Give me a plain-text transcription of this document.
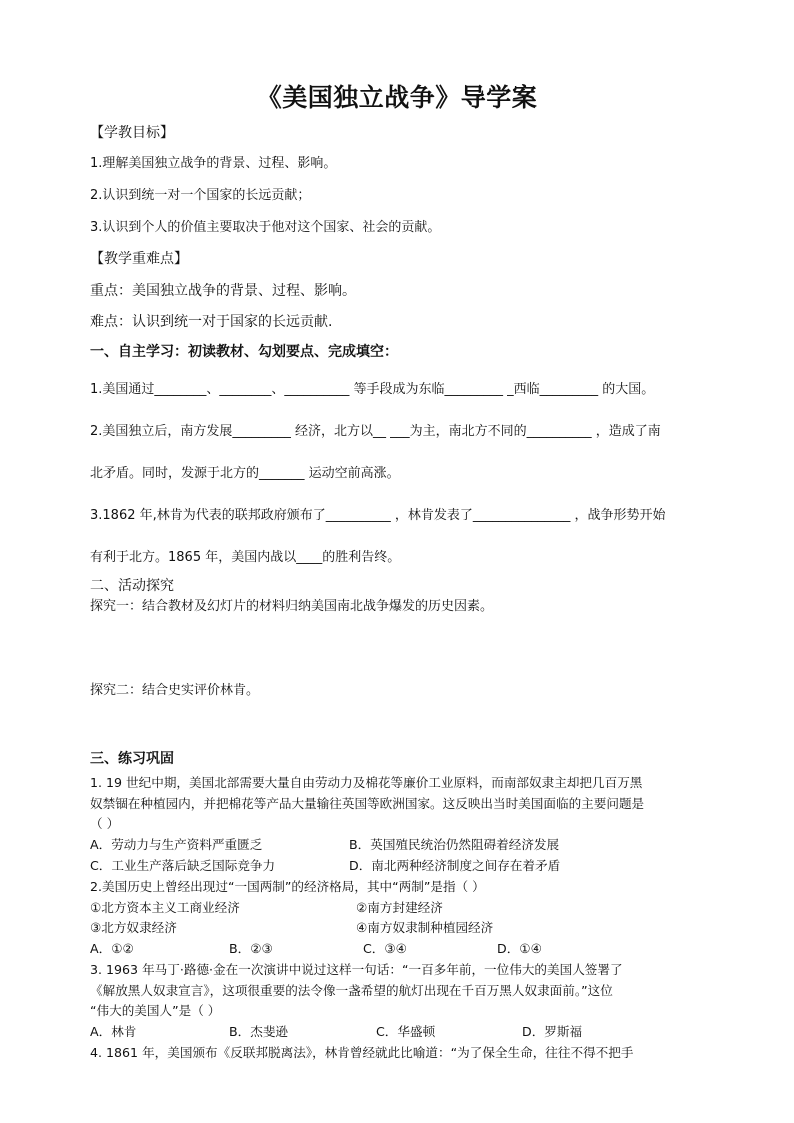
《美国独立战争》导学案
【学教目标】
1.理解美国独立战争的背景、过程、影响。
2.认识到统一对一个国家的长远贡献；
3.认识到个人的价值主要取决于他对这个国家、社会的贡献。
【教学重难点】
重点：美国独立战争的背景、过程、影响。
难点：认识到统一对于国家的长远贡献.
一、自主学习：初读教材、勾划要点、完成填空：
1.美国通过________、________、__________ 等手段成为东临_________ _西临_________ 的大国。
2.美国独立后，南方发展_________ 经济，北方以__ ___为主，南北方不同的__________ ，造成了南
北矛盾。同时，发源于北方的_______ 运动空前高涨。
3.1862 年,林肯为代表的联邦政府颁布了__________ ，林肯发表了_______________ ，战争形势开始
有利于北方。1865 年，美国内战以____的胜利告终。
二、活动探究
探究一：结合教材及幻灯片的材料归纳美国南北战争爆发的历史因素。
探究二：结合史实评价林肯。
三、练习巩固
1. 19 世纪中期，美国北部需要大量自由劳动力及棉花等廉价工业原料，而南部奴隶主却把几百万黑
奴禁锢在种植园内，并把棉花等产品大量输往英国等欧洲国家。这反映出当时美国面临的主要问题是
（ ）
A．劳动力与生产资料严重匮乏	B．英国殖民统治仍然阻碍着经济发展
C．工业生产落后缺乏国际竞争力	D．南北两种经济制度之间存在着矛盾
2.美国历史上曾经出现过“一国两制”的经济格局，其中“两制”是指（ ）
①北方资本主义工商业经济	②南方封建经济
③北方奴隶经济	④南方奴隶制种植园经济
A．①②	B．②③	C．③④	D．①④
3. 1963 年马丁·路德·金在一次演讲中说过这样一句话：“一百多年前，一位伟大的美国人签署了
《解放黑人奴隶宣言》，这项很重要的法令像一盏希望的航灯出现在千百万黑人奴隶面前。”这位
“伟大的美国人”是（ ）
A．林肯	B．杰斐逊	C．华盛顿	D．罗斯福
4. 1861 年，美国颁布《反联邦脱离法》，林肯曾经就此比喻道：“为了保全生命，往往不得不把手
